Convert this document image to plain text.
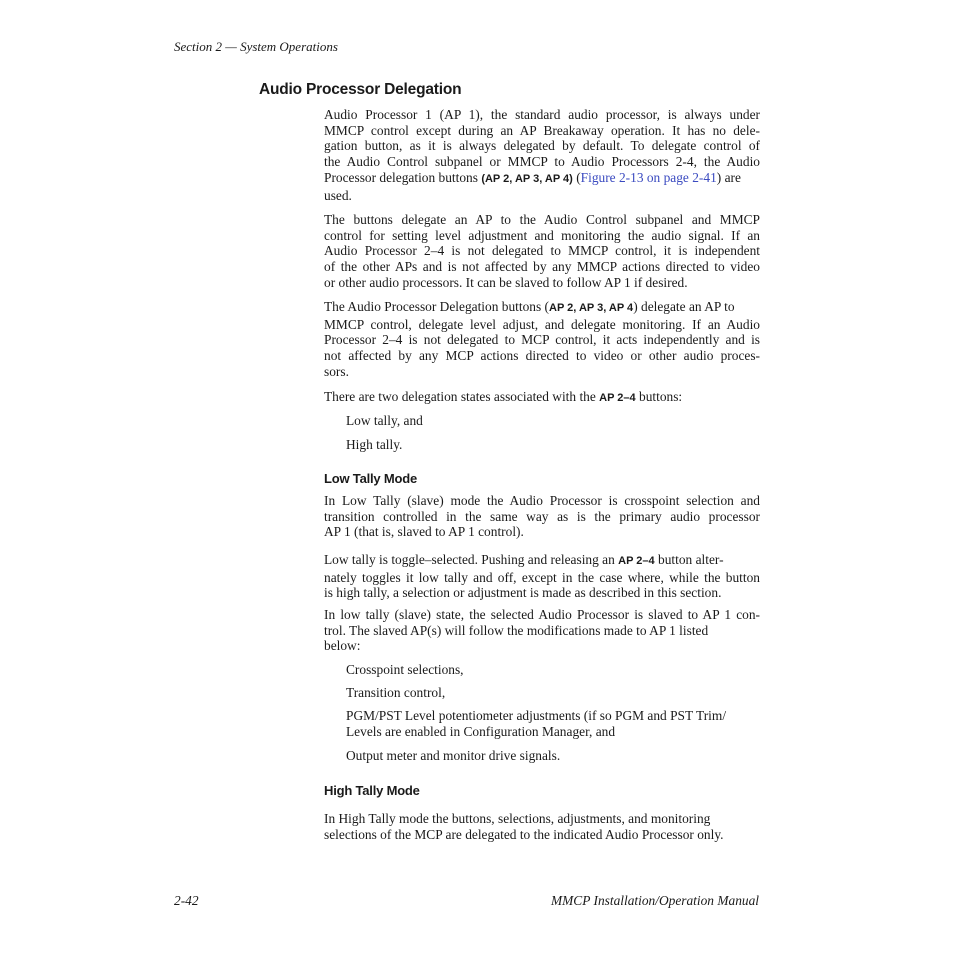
Section 2 — System Operations
Audio Processor Delegation
Audio Processor 1 (AP 1), the standard audio processor, is always under
MMCP control except during an AP Breakaway operation. It has no dele-
gation button, as it is always delegated by default. To delegate control of
the Audio Control subpanel or MMCP to Audio Processors 2-4, the Audio
Processor delegation buttons (AP 2, AP 3, AP 4) (Figure 2-13 on page 2-41) are
used.
The buttons delegate an AP to the Audio Control subpanel and MMCP
control for setting level adjustment and monitoring the audio signal. If an
Audio Processor 2–4 is not delegated to MMCP control, it is independent
of the other APs and is not affected by any MMCP actions directed to video
or other audio processors. It can be slaved to follow AP 1 if desired.
The Audio Processor Delegation buttons (AP 2, AP 3, AP 4) delegate an AP to
MMCP control, delegate level adjust, and delegate monitoring. If an Audio
Processor 2–4 is not delegated to MCP control, it acts independently and is
not affected by any MCP actions directed to video or other audio proces-
sors.
There are two delegation states associated with the AP 2–4 buttons:
Low tally, and
High tally.
Low Tally Mode
In Low Tally (slave) mode the Audio Processor is crosspoint selection and
transition controlled in the same way as is the primary audio processor
AP 1 (that is, slaved to AP 1 control).
Low tally is toggle–selected. Pushing and releasing an AP 2–4 button alter-
nately toggles it low tally and off, except in the case where, while the button
is high tally, a selection or adjustment is made as described in this section.
In low tally (slave) state, the selected Audio Processor is slaved to AP 1 con-
trol. The slaved AP(s) will follow the modifications made to AP 1 listed
below:
Crosspoint selections,
Transition control,
PGM/PST Level potentiometer adjustments (if so PGM and PST Trim/
Levels are enabled in Configuration Manager, and
Output meter and monitor drive signals.
High Tally Mode
In High Tally mode the buttons, selections, adjustments, and monitoring
selections of the MCP are delegated to the indicated Audio Processor only.
2-42	MMCP Installation/Operation Manual
